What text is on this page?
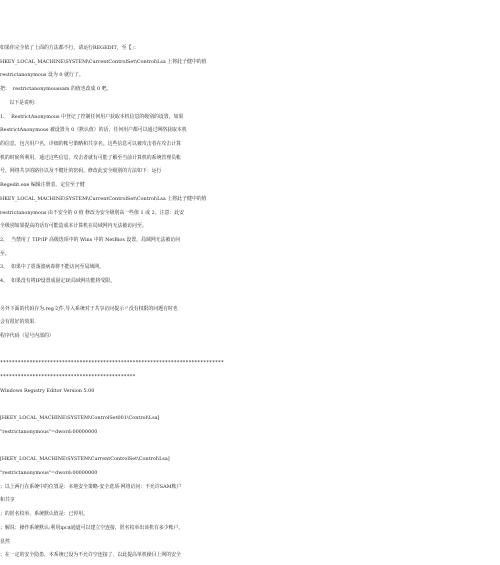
如果你完全依了上面的方法都不行，请运行REGEDIT，至【」：
HKEY_LOCAL_MACHINE\SYSTEM\CurrentControlSet\Control\Lsa 上将此子健中的值
restrictanonymous 设为 0 就行了。
把：  restrictanonymoussam 的值也改成 0 吧。
以下是说明：
1、  RestrictAnonymous 中登记了控制任何用户获取本机信息的级别的设置，如果
RestrictAnonymous 被设置为 0（默认值）的话，任何用户都可以通过网络获取本机
的信息，包含用户名，详细的帐号策略和共享名。这些信息可以被攻击者在攻击计算
机的时候所利用。通过这些信息，攻击者就有可能了解至当前计算机的系统管理员帐
号，网络共享的路径以及不健壮的密码。修改此安全级别的方法如下：运行
Regedit.exe 编辑注册表，定位至子健
HKEY_LOCAL_MACHINE\SYSTEM\CurrentControlSet\Control\Lsa 上将此子健中的值
restrictanonymous 由不安全的 0 值 修改为安全级别高一些值 1 或 2。注意：此安
全级别如果提高的话有可能造成本计算机在局域网内无法被访问至。
2、  当禁用了 TIP/IP 高级选项中的 Wins 中的 NetBios 设置，局域网无法被访问
至。
3、  如果中了震荡波病毒将不能访问至局域网。
4、  如果没有将IP设置成固定IP,局域网功能将受限。
另外下面的代码存为.reg文件,导入系统对于共享访问提示〃没有权限的问题有时也
会有很好的效果.
程序代码（星号内部的）
****************************************************************************
**********************************************
Windows Registry Editor Version 5.00
[HKEY_LOCAL_MACHINE\SYSTEM\ControlSet001\Control\Lsa]
"restrictanonymous"=dword:00000000
[HKEY_LOCAL_MACHINE\SYSTEM\CurrentControlSet\Control\Lsa]
"restrictanonymous"=dword:00000000
；以上两行在系统中的位置是：本地安全策略-安全选项-网络访问：不允许SAM帐户
和共享
；的匿名枚举。系统默认值是：已停用。
；解说：操作系统默认:利用ipc$通道可以建立空连接，匿名枚举出该机有多少帐户。
显然
；在一定的安全隐患，本系统已设为不允许空连接了，以此提高单机操目上网的安全
